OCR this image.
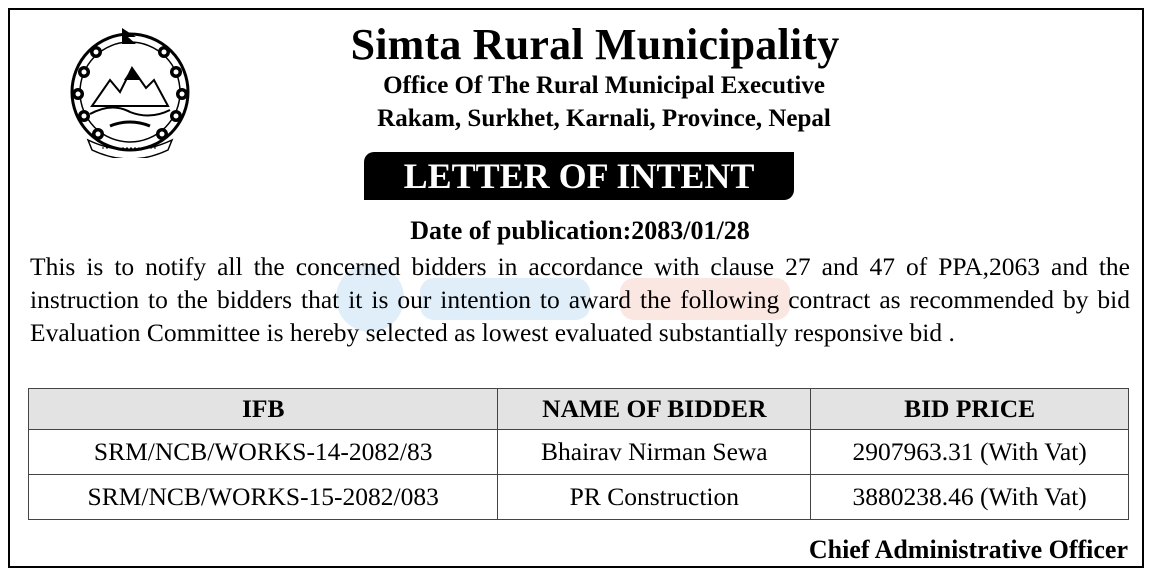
Simta Rural Municipality

Office Of The Rural Municipal Executive

Rakam, Surkhet, Karnali, Province, Nepal

LETTER OF INTENT
Date of publication:2083/01/28
This is to notify all the concerned bidders in accordance with clause 27 and 47 of PPA,2063 and the instruction to the bidders that it is our intention to award the following contract as recommended by bid Evaluation Committee is hereby selected as lowest evaluated substantially responsive bid .
IFB	NAME OF BIDDER	BID PRICE
SRM/NCB/WORKS-14-2082/83	Bhairav Nirman Sewa	2907963.31 (With Vat)
SRM/NCB/WORKS-15-2082/083	PR Construction	3880238.46 (With Vat)
Chief Administrative Officer
